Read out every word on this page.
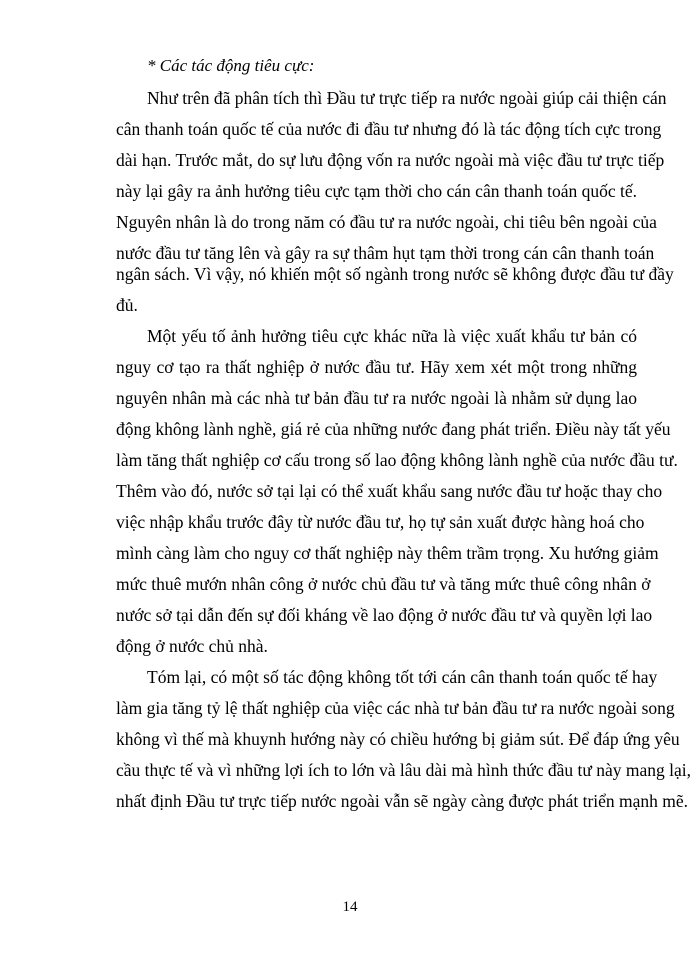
* Các tác động tiêu cực:
Như trên đã phân tích thì Đầu tư trực tiếp ra nước ngoài giúp cải thiện cán
cân thanh toán quốc tế của nước đi đầu tư nhưng đó là tác động tích cực trong
dài hạn. Trước mắt, do sự lưu động vốn ra nước ngoài mà việc đầu tư trực tiếp
này lại gây ra ảnh hưởng tiêu cực tạm thời cho cán cân thanh toán quốc tế.
Nguyên nhân là do trong năm có đầu tư ra nước ngoài, chi tiêu bên ngoài của
nước đầu tư tăng lên và gây ra sự thâm hụt tạm thời trong cán cân thanh toán
ngân sách. Vì vậy, nó khiến một số ngành trong nước sẽ không được đầu tư đầy
đủ.
Một yếu tố ảnh hưởng tiêu cực khác nữa là việc xuất khẩu tư bản có
nguy cơ tạo ra thất nghiệp ở nước đầu tư. Hãy xem xét một trong những
nguyên nhân mà các nhà tư bản đầu tư ra nước ngoài là nhằm sử dụng lao
động không lành nghề, giá rẻ của những nước đang phát triển. Điều này tất yếu
làm tăng thất nghiệp cơ cấu trong số lao động không lành nghề của nước đầu tư.
Thêm vào đó, nước sở tại lại có thể xuất khẩu sang nước đầu tư hoặc thay cho
việc nhập khẩu trước đây từ nước đầu tư, họ tự sản xuất được hàng hoá cho
mình càng làm cho nguy cơ thất nghiệp này thêm trầm trọng. Xu hướng giảm
mức thuê mướn nhân công ở nước chủ đầu tư và tăng mức thuê công nhân ở
nước sở tại dẫn đến sự đối kháng về lao động ở nước đầu tư và quyền lợi lao
động ở nước chủ nhà.
Tóm lại, có một số tác động không tốt tới cán cân thanh toán quốc tế hay
làm gia tăng tỷ lệ thất nghiệp của việc các nhà tư bản đầu tư ra nước ngoài song
không vì thế mà khuynh hướng này có chiều hướng bị giảm sút. Để đáp ứng yêu
cầu thực tế và vì những lợi ích to lớn và lâu dài mà hình thức đầu tư này mang lại,
nhất định Đầu tư trực tiếp nước ngoài vẫn sẽ ngày càng được phát triển mạnh mẽ.
14
